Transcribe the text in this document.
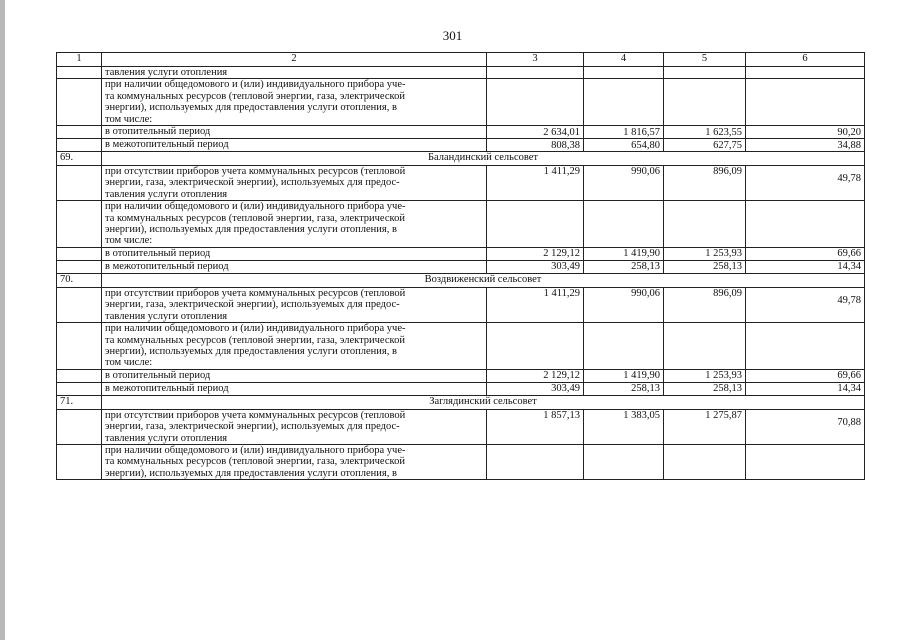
301
1	2	3	4	5	6
	тавления услуги отопления				
	при наличии общедомового и (или) индивидуального прибора уче-
та коммунальных ресурсов (тепловой энергии, газа, электрической
энергии), используемых для предоставления услуги отопления, в
том числе:				
	в отопительный период	2 634,01	1 816,57	1 623,55	90,20
	в межотопительный период	808,38	654,80	627,75	34,88
69.	Баландинский сельсовет				
	при отсутствии приборов учета коммунальных ресурсов (тепловой
энергии, газа, электрической энергии), используемых для предос-
тавления услуги отопления	1 411,29	990,06	896,09	49,78
	при наличии общедомового и (или) индивидуального прибора уче-
та коммунальных ресурсов (тепловой энергии, газа, электрической
энергии), используемых для предоставления услуги отопления, в
том числе:				
	в отопительный период	2 129,12	1 419,90	1 253,93	69,66
	в межотопительный период	303,49	258,13	258,13	14,34
70.	Воздвиженский сельсовет				
	при отсутствии приборов учета коммунальных ресурсов (тепловой
энергии, газа, электрической энергии), используемых для предос-
тавления услуги отопления	1 411,29	990,06	896,09	49,78
	при наличии общедомового и (или) индивидуального прибора уче-
та коммунальных ресурсов (тепловой энергии, газа, электрической
энергии), используемых для предоставления услуги отопления, в
том числе:				
	в отопительный период	2 129,12	1 419,90	1 253,93	69,66
	в межотопительный период	303,49	258,13	258,13	14,34
71.	Заглядинский сельсовет				
	при отсутствии приборов учета коммунальных ресурсов (тепловой
энергии, газа, электрической энергии), используемых для предос-
тавления услуги отопления	1 857,13	1 383,05	1 275,87	70,88
	при наличии общедомового и (или) индивидуального прибора уче-
та коммунальных ресурсов (тепловой энергии, газа, электрической
энергии), используемых для предоставления услуги отопления, в				
